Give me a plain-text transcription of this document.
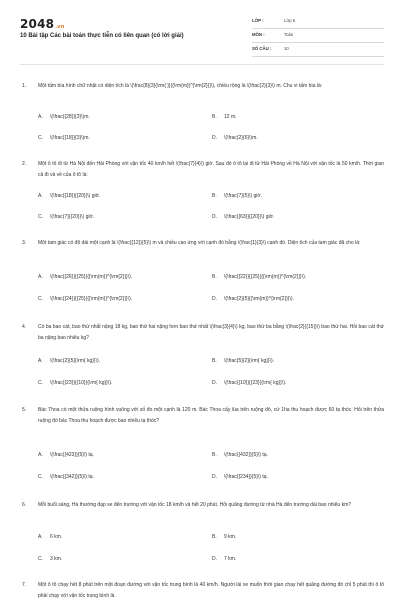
2048.vn
10 Bài tập Các bài toán thực tiễn có liên quan (có lời giải)
LỚP :	Lớp 6
MÔN :	Toán
SỐ CÂU :	10
1. Một tấm bìa hình chữ nhật có diện tích là \(\frac{8}{3}{\rm{ }}{{\rm{m}}^{\rm{2}}}\), chiều rộng là \(\frac{2}{3}\) m. Chu vi tấm bìa là:
A. \(\frac{{28}}{3}\)m.	B. 12 m.
C. \(\frac{{18}}{3}\)m.	D. \(\frac{2}{6}\)m.
2. Một ô tô đi từ Hà Nội đến Hải Phòng với vận tốc 40 km/h hết \(\frac{7}{4}\) giờ. Sau đó ô tô lại đi từ Hải Phòng về Hà Nội với vận tốc là 50 km/h. Thời gian cả đi và về của ô tô là:
A. \(\frac{{18}}{{20}}\) giờ.	B. \(\frac{7}{5}\) giờ.
C. \(\frac{7}{{20}}\) giờ.	D. \(\frac{{63}}{{20}}\) giờ.
3. Một tam giác có độ dài một cạnh là \(\frac{{12}}{5}\) m và chiều cao ứng với cạnh đó bằng \(\frac{1}{3}\) cạnh đó. Diện tích của tam giác đã cho là:
A. \(\frac{{26}}{{25}}{{\rm{m}}^{\rm{2}}}\).	B. \(\frac{{22}}{{25}}{{\rm{m}}^{\rm{2}}}\).
C. \(\frac{{24}}{{25}}{{\rm{m}}^{\rm{2}}}\).	D. \(\frac{2}{5}{{\rm{m}}^{\rm{2}}}\).
4. Có ba bao cát, bao thứ nhất nặng 18 kg, bao thứ hai nặng hơn bao thứ nhất \(\frac{3}{4}\) kg, bao thứ ba bằng \(\frac{2}{{15}}\) bao thứ hai. Hỏi bao cát thứ ba nặng bao nhiêu kg?
A. \(\frac{2}{5}{\rm{ kg}}\).	B. \(\frac{5}{2}{\rm{ kg}}\).
C. \(\frac{{23}}{{10}}{\rm{ kg}}\).	D. \(\frac{{10}}{{23}}{\rm{ kg}}\).
5. Bác Thoa có một thửa ruộng hình vuông với số đo một cạnh là 120 m. Bác Thoa cấy lúa trên ruộng đó, cứ 1ha thu hoạch được 60 tạ thóc. Hỏi trên thửa ruộng đó bác Thoa thu hoạch được bao nhiêu tạ thóc?
A. \(\frac{{423}}{5}\) tạ.	B. \(\frac{{432}}{5}\) tạ.
C. \(\frac{{342}}{5}\) tạ.	D. \(\frac{{234}}{5}\) tạ.
6. Mỗi buổi sáng, Hà thường đạp xe đến trường với vận tốc 18 km/h và hết 20 phút. Hỏi quãng đường từ nhà Hà đến trường dài bao nhiêu km?
A. 6 km.	B. 9 km.
C. 3 km.	D. 7 km.
7. Một ô tô chạy hết 8 phút trên một đoạn đường với vận tốc trung bình là 40 km/h. Người lái xe muốn thời gian chạy hết quãng đường đó chỉ 5 phút thì ô tô phải chạy với vận tốc trung bình là
